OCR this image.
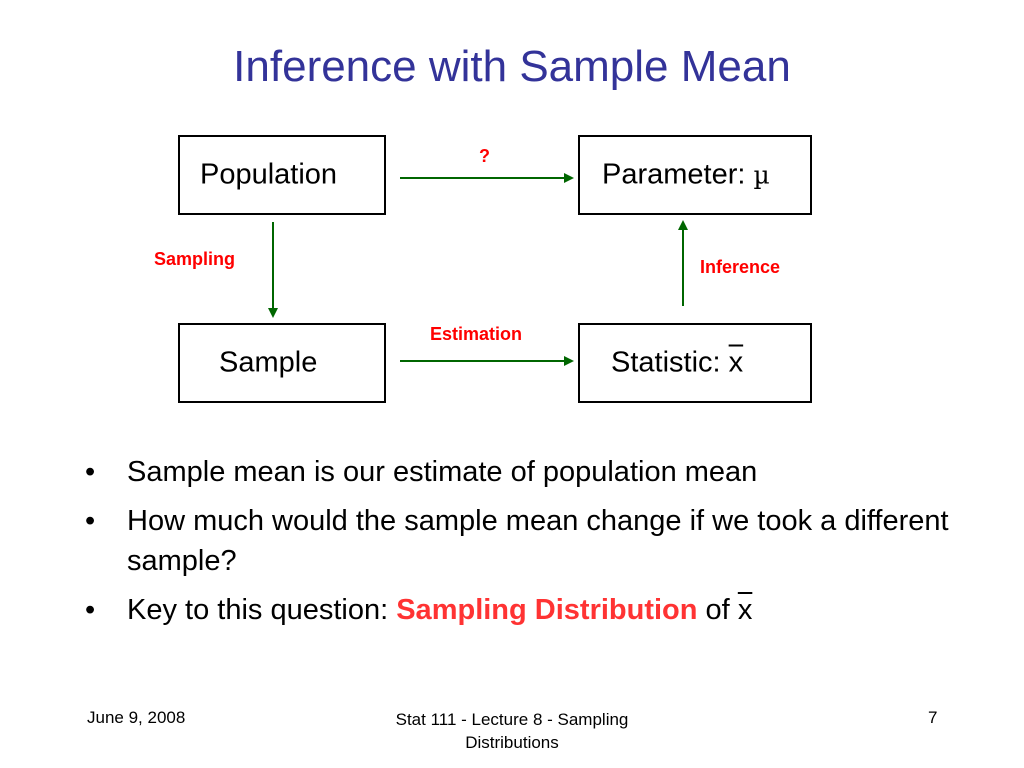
Inference with Sample Mean
Population	Parameter: µ
Sample	Statistic: $\overline{x}$
?
Sampling	Inference
Estimation
• Sample mean is our estimate of population mean
• How much would the sample mean change if we took a different sample?
• Key to this question: Sampling Distribution of $\overline{x}$
June 9, 2008	Stat 111 - Lecture 8 - Sampling
Distributions
7
